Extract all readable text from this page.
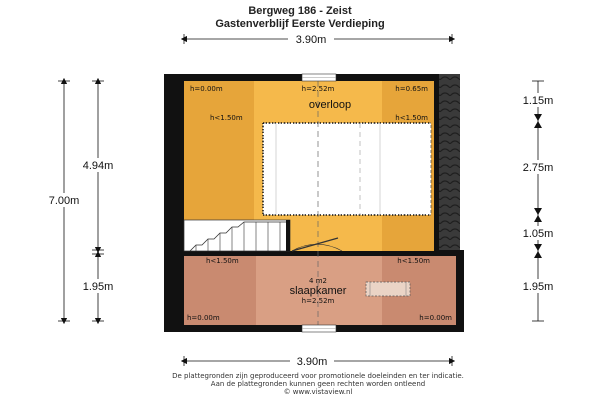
Bergweg 186 - Zeist
Gastenverblijf Eerste Verdieping
3.90m
3.90m
h=0.00m	h=2.52m	h=0.65m
overloop
h<1.50m	h<1.50m
h<1.50m	h<1.50m
4 m2
slaapkamer
h=2.52m
h=0.00m	h=0.00m
7.00m
4.94m
1.95m
1.15m
2.75m
1.05m
1.95m
De plattegronden zijn geproduceerd voor promotionele doeleinden en ter indicatie.
Aan de plattegronden kunnen geen rechten worden ontleend
© www.vistaview.nl
